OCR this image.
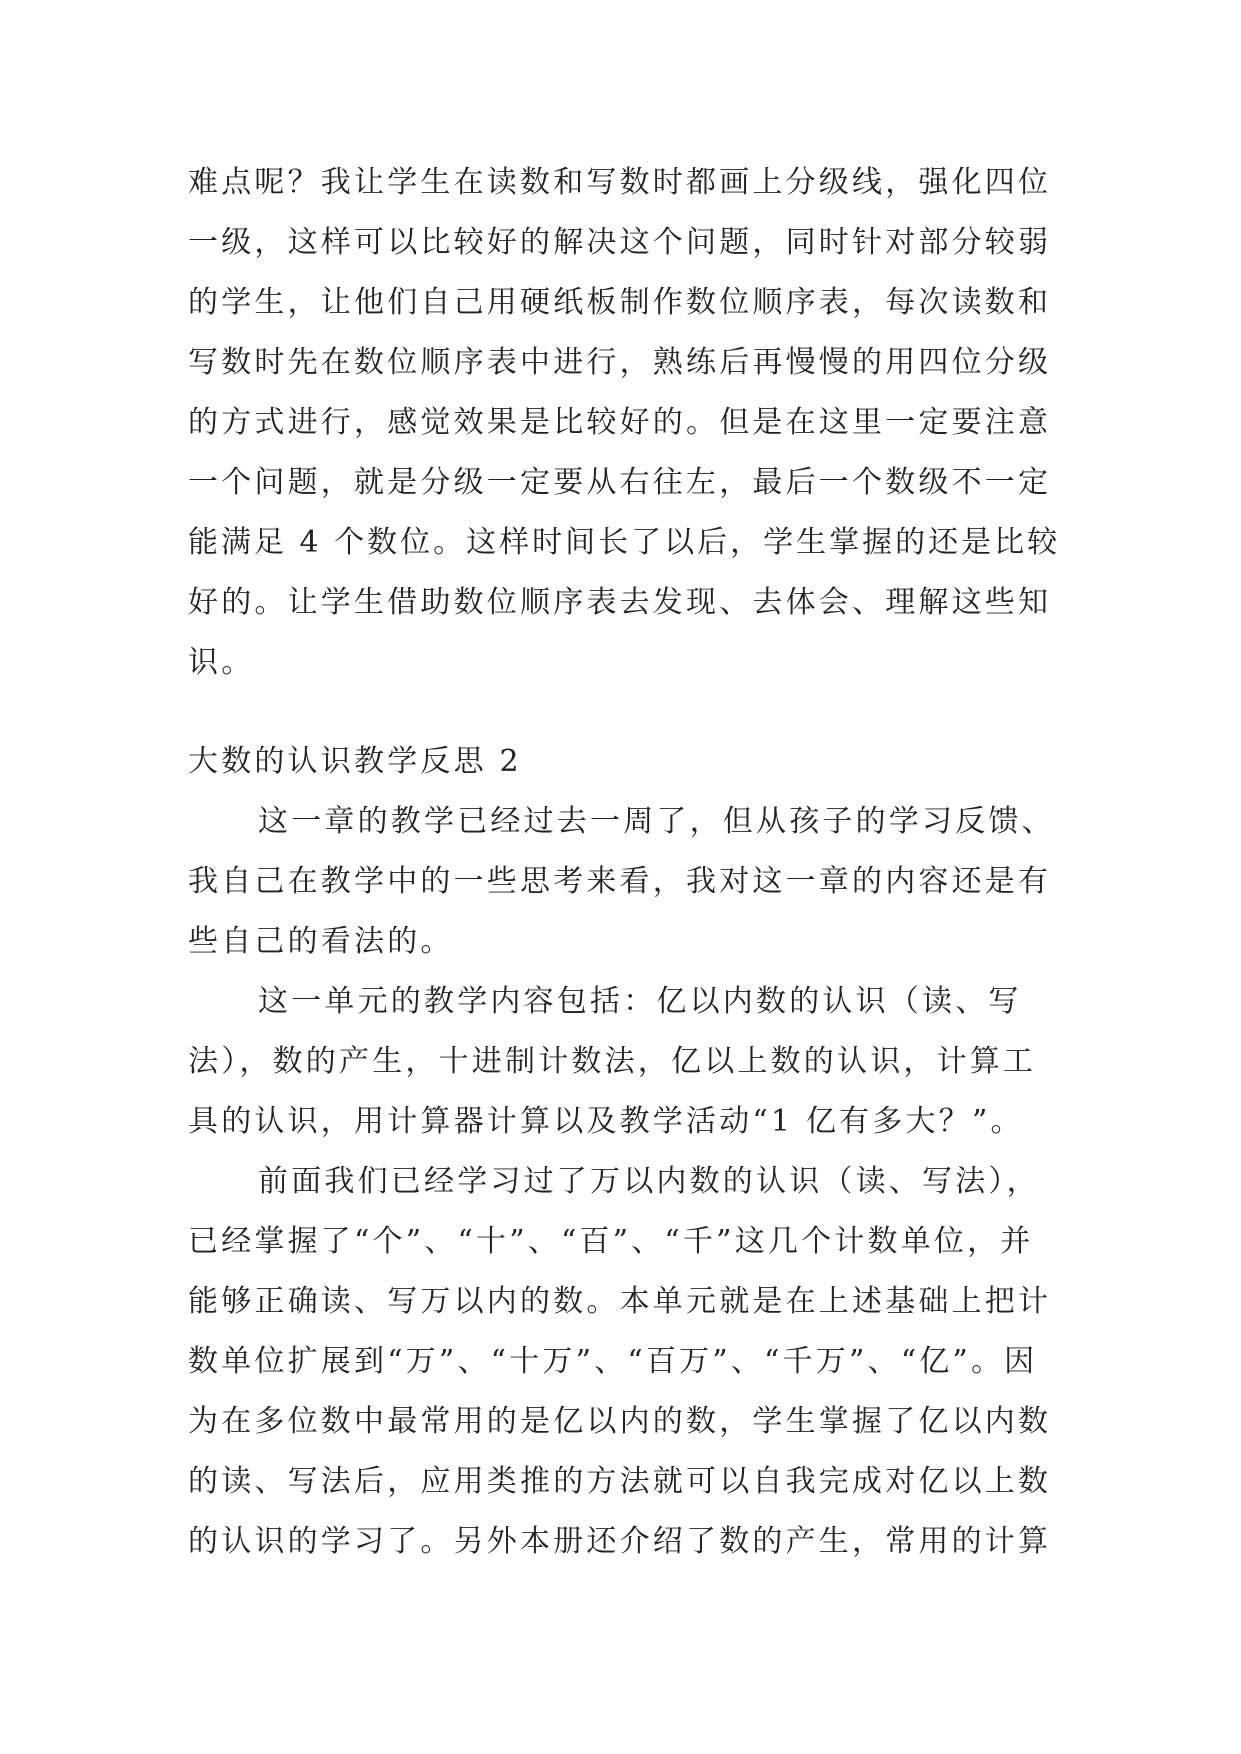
难点呢？我让学生在读数和写数时都画上分级线，强化四位
一级，这样可以比较好的解决这个问题，同时针对部分较弱
的学生，让他们自己用硬纸板制作数位顺序表，每次读数和
写数时先在数位顺序表中进行，熟练后再慢慢的用四位分级
的方式进行，感觉效果是比较好的。但是在这里一定要注意
一个问题，就是分级一定要从右往左，最后一个数级不一定
能满足 4 个数位。这样时间长了以后，学生掌握的还是比较
好的。让学生借助数位顺序表去发现、去体会、理解这些知
识。
大数的认识教学反思 2
这一章的教学已经过去一周了，但从孩子的学习反馈、
我自己在教学中的一些思考来看，我对这一章的内容还是有
些自己的看法的。
这一单元的教学内容包括：亿以内数的认识（读、写
法），数的产生，十进制计数法，亿以上数的认识，计算工
具的认识，用计算器计算以及教学活动“1 亿有多大？”。
前面我们已经学习过了万以内数的认识（读、写法），
已经掌握了“个”、“十”、“百”、“千”这几个计数单位，并
能够正确读、写万以内的数。本单元就是在上述基础上把计
数单位扩展到“万”、“十万”、“百万”、“千万”、“亿”。因
为在多位数中最常用的是亿以内的数，学生掌握了亿以内数
的读、写法后，应用类推的方法就可以自我完成对亿以上数
的认识的学习了。另外本册还介绍了数的产生，常用的计算
